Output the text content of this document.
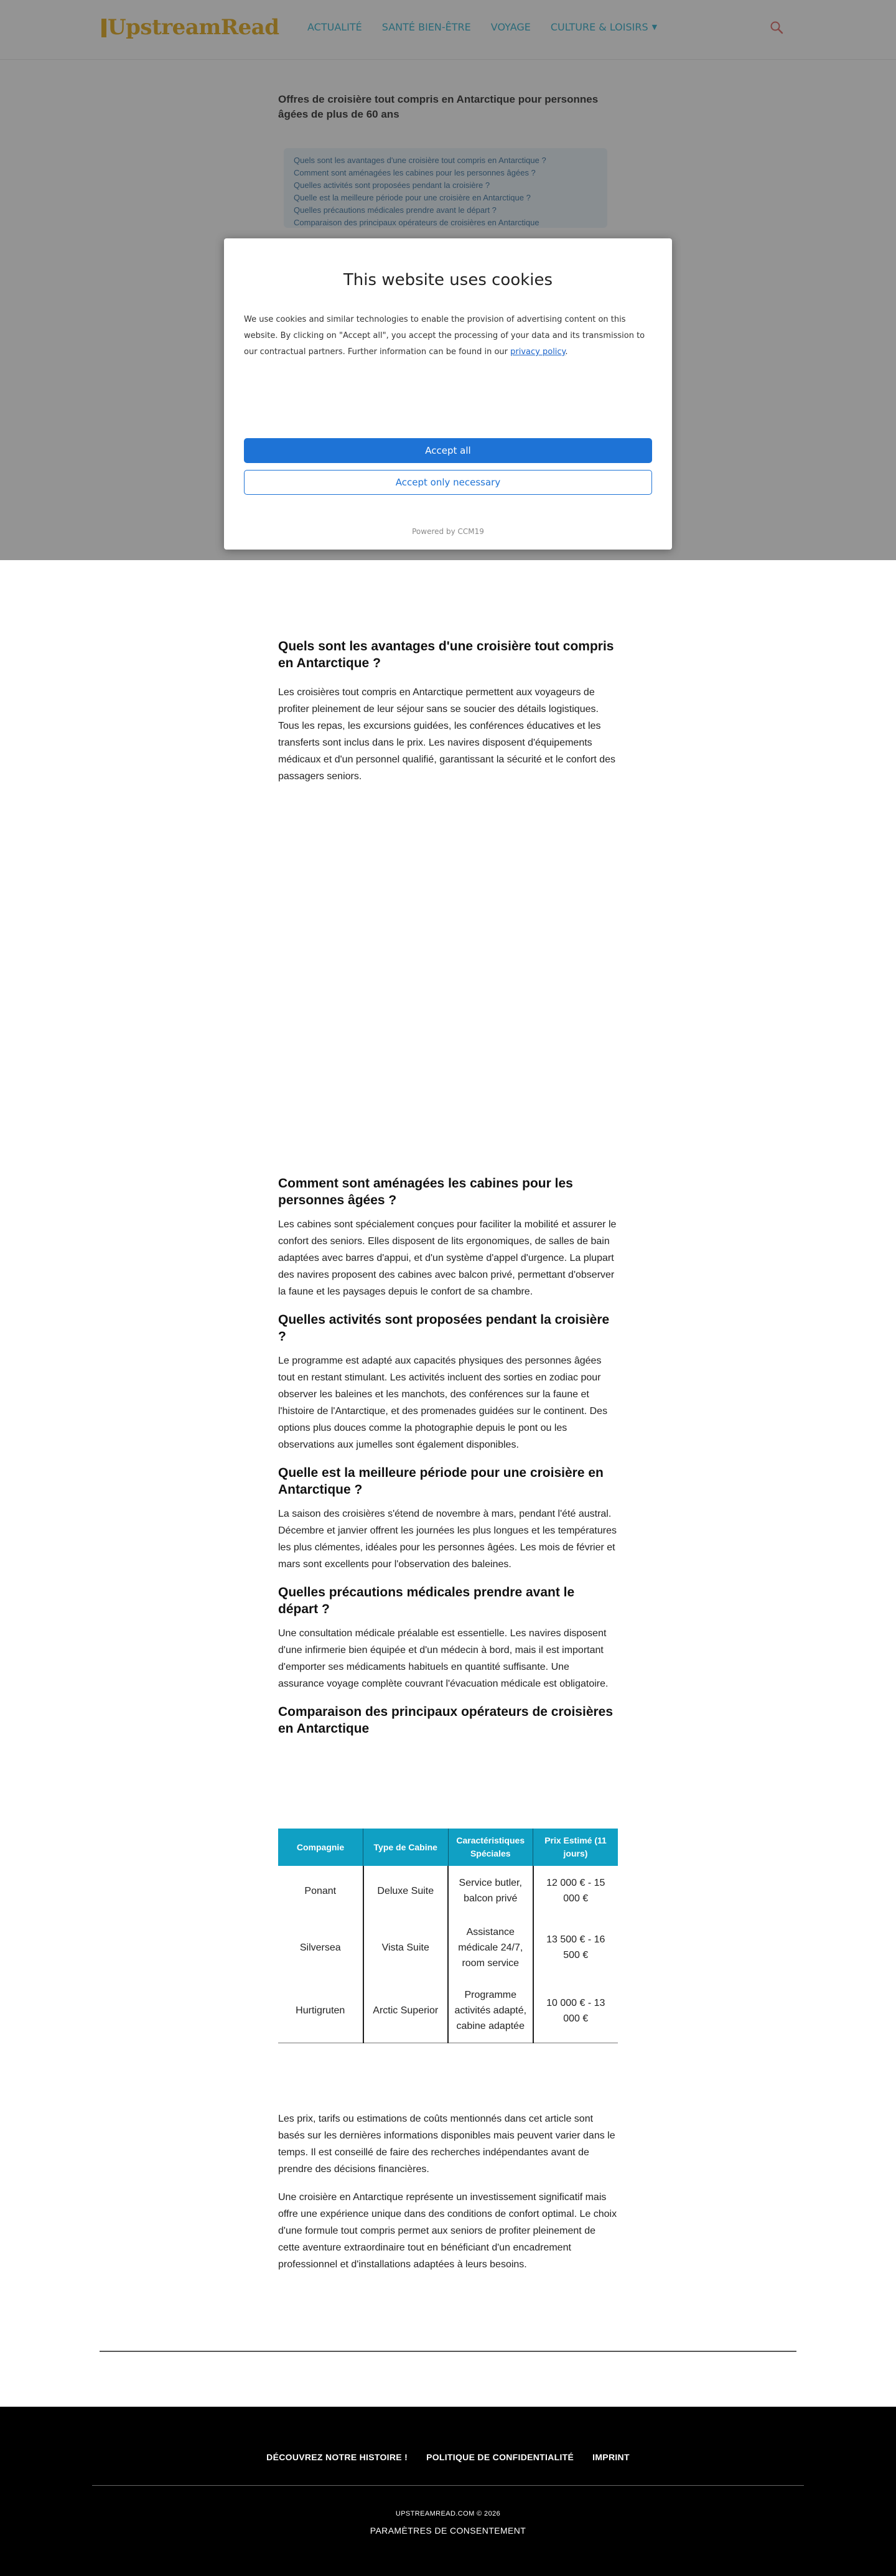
This website uses cookies
We use cookies and similar technologies to enable the provision of advertising content on this website. By clicking on "Accept all", you accept the processing of your data and its transmission to our contractual partners. Further information can be found in our privacy policy.
Accept all
Accept only necessary
Powered by CCM19
Quels sont les avantages d'une croisière tout compris en Antarctique ?

Les croisières tout compris en Antarctique permettent aux voyageurs de profiter pleinement de leur séjour sans se soucier des détails logistiques. Tous les repas, les excursions guidées, les conférences éducatives et les transferts sont inclus dans le prix. Les navires disposent d'équipements médicaux et d'un personnel qualifié, garantissant la sécurité et le confort des passagers seniors.

Comment sont aménagées les cabines pour les personnes âgées ?

Les cabines sont spécialement conçues pour faciliter la mobilité et assurer le confort des seniors. Elles disposent de lits ergonomiques, de salles de bain adaptées avec barres d'appui, et d'un système d'appel d'urgence. La plupart des navires proposent des cabines avec balcon privé, permettant d'observer la faune et les paysages depuis le confort de sa chambre.

Quelles activités sont proposées pendant la croisière ?

Le programme est adapté aux capacités physiques des personnes âgées tout en restant stimulant. Les activités incluent des sorties en zodiac pour observer les baleines et les manchots, des conférences sur la faune et l'histoire de l'Antarctique, et des promenades guidées sur le continent. Des options plus douces comme la photographie depuis le pont ou les observations aux jumelles sont également disponibles.

Quelle est la meilleure période pour une croisière en Antarctique ?

La saison des croisières s'étend de novembre à mars, pendant l'été austral. Décembre et janvier offrent les journées les plus longues et les températures les plus clémentes, idéales pour les personnes âgées. Les mois de février et mars sont excellents pour l'observation des baleines.

Quelles précautions médicales prendre avant le départ ?

Une consultation médicale préalable est essentielle. Les navires disposent d'une infirmerie bien équipée et d'un médecin à bord, mais il est important d'emporter ses médicaments habituels en quantité suffisante. Une assurance voyage complète couvrant l'évacuation médicale est obligatoire.

Comparaison des principaux opérateurs de croisières en Antarctique
Compagnie	Type de Cabine	Caractéristiques Spéciales	Prix Estimé (11 jours)
Ponant	Deluxe Suite	Service butler, balcon privé	12 000 € - 15 000 €
Silversea	Vista Suite	Assistance médicale 24/7, room service	13 500 € - 16 500 €
Hurtigruten	Arctic Superior	Programme activités adapté, cabine adaptée	10 000 € - 13 000 €

Les prix, tarifs ou estimations de coûts mentionnés dans cet article sont basés sur les dernières informations disponibles mais peuvent varier dans le temps. Il est conseillé de faire des recherches indépendantes avant de prendre des décisions financières.

Une croisière en Antarctique représente un investissement significatif mais offre une expérience unique dans des conditions de confort optimal. Le choix d'une formule tout compris permet aux seniors de profiter pleinement de cette aventure extraordinaire tout en bénéficiant d'un encadrement professionnel et d'installations adaptées à leurs besoins.

DÉCOUVREZ NOTRE HISTOIRE ! POLITIQUE DE CONFIDENTIALITÉ IMPRINT
UPSTREAMREAD.COM © 2026
PARAMÈTRES DE CONSENTEMENT
